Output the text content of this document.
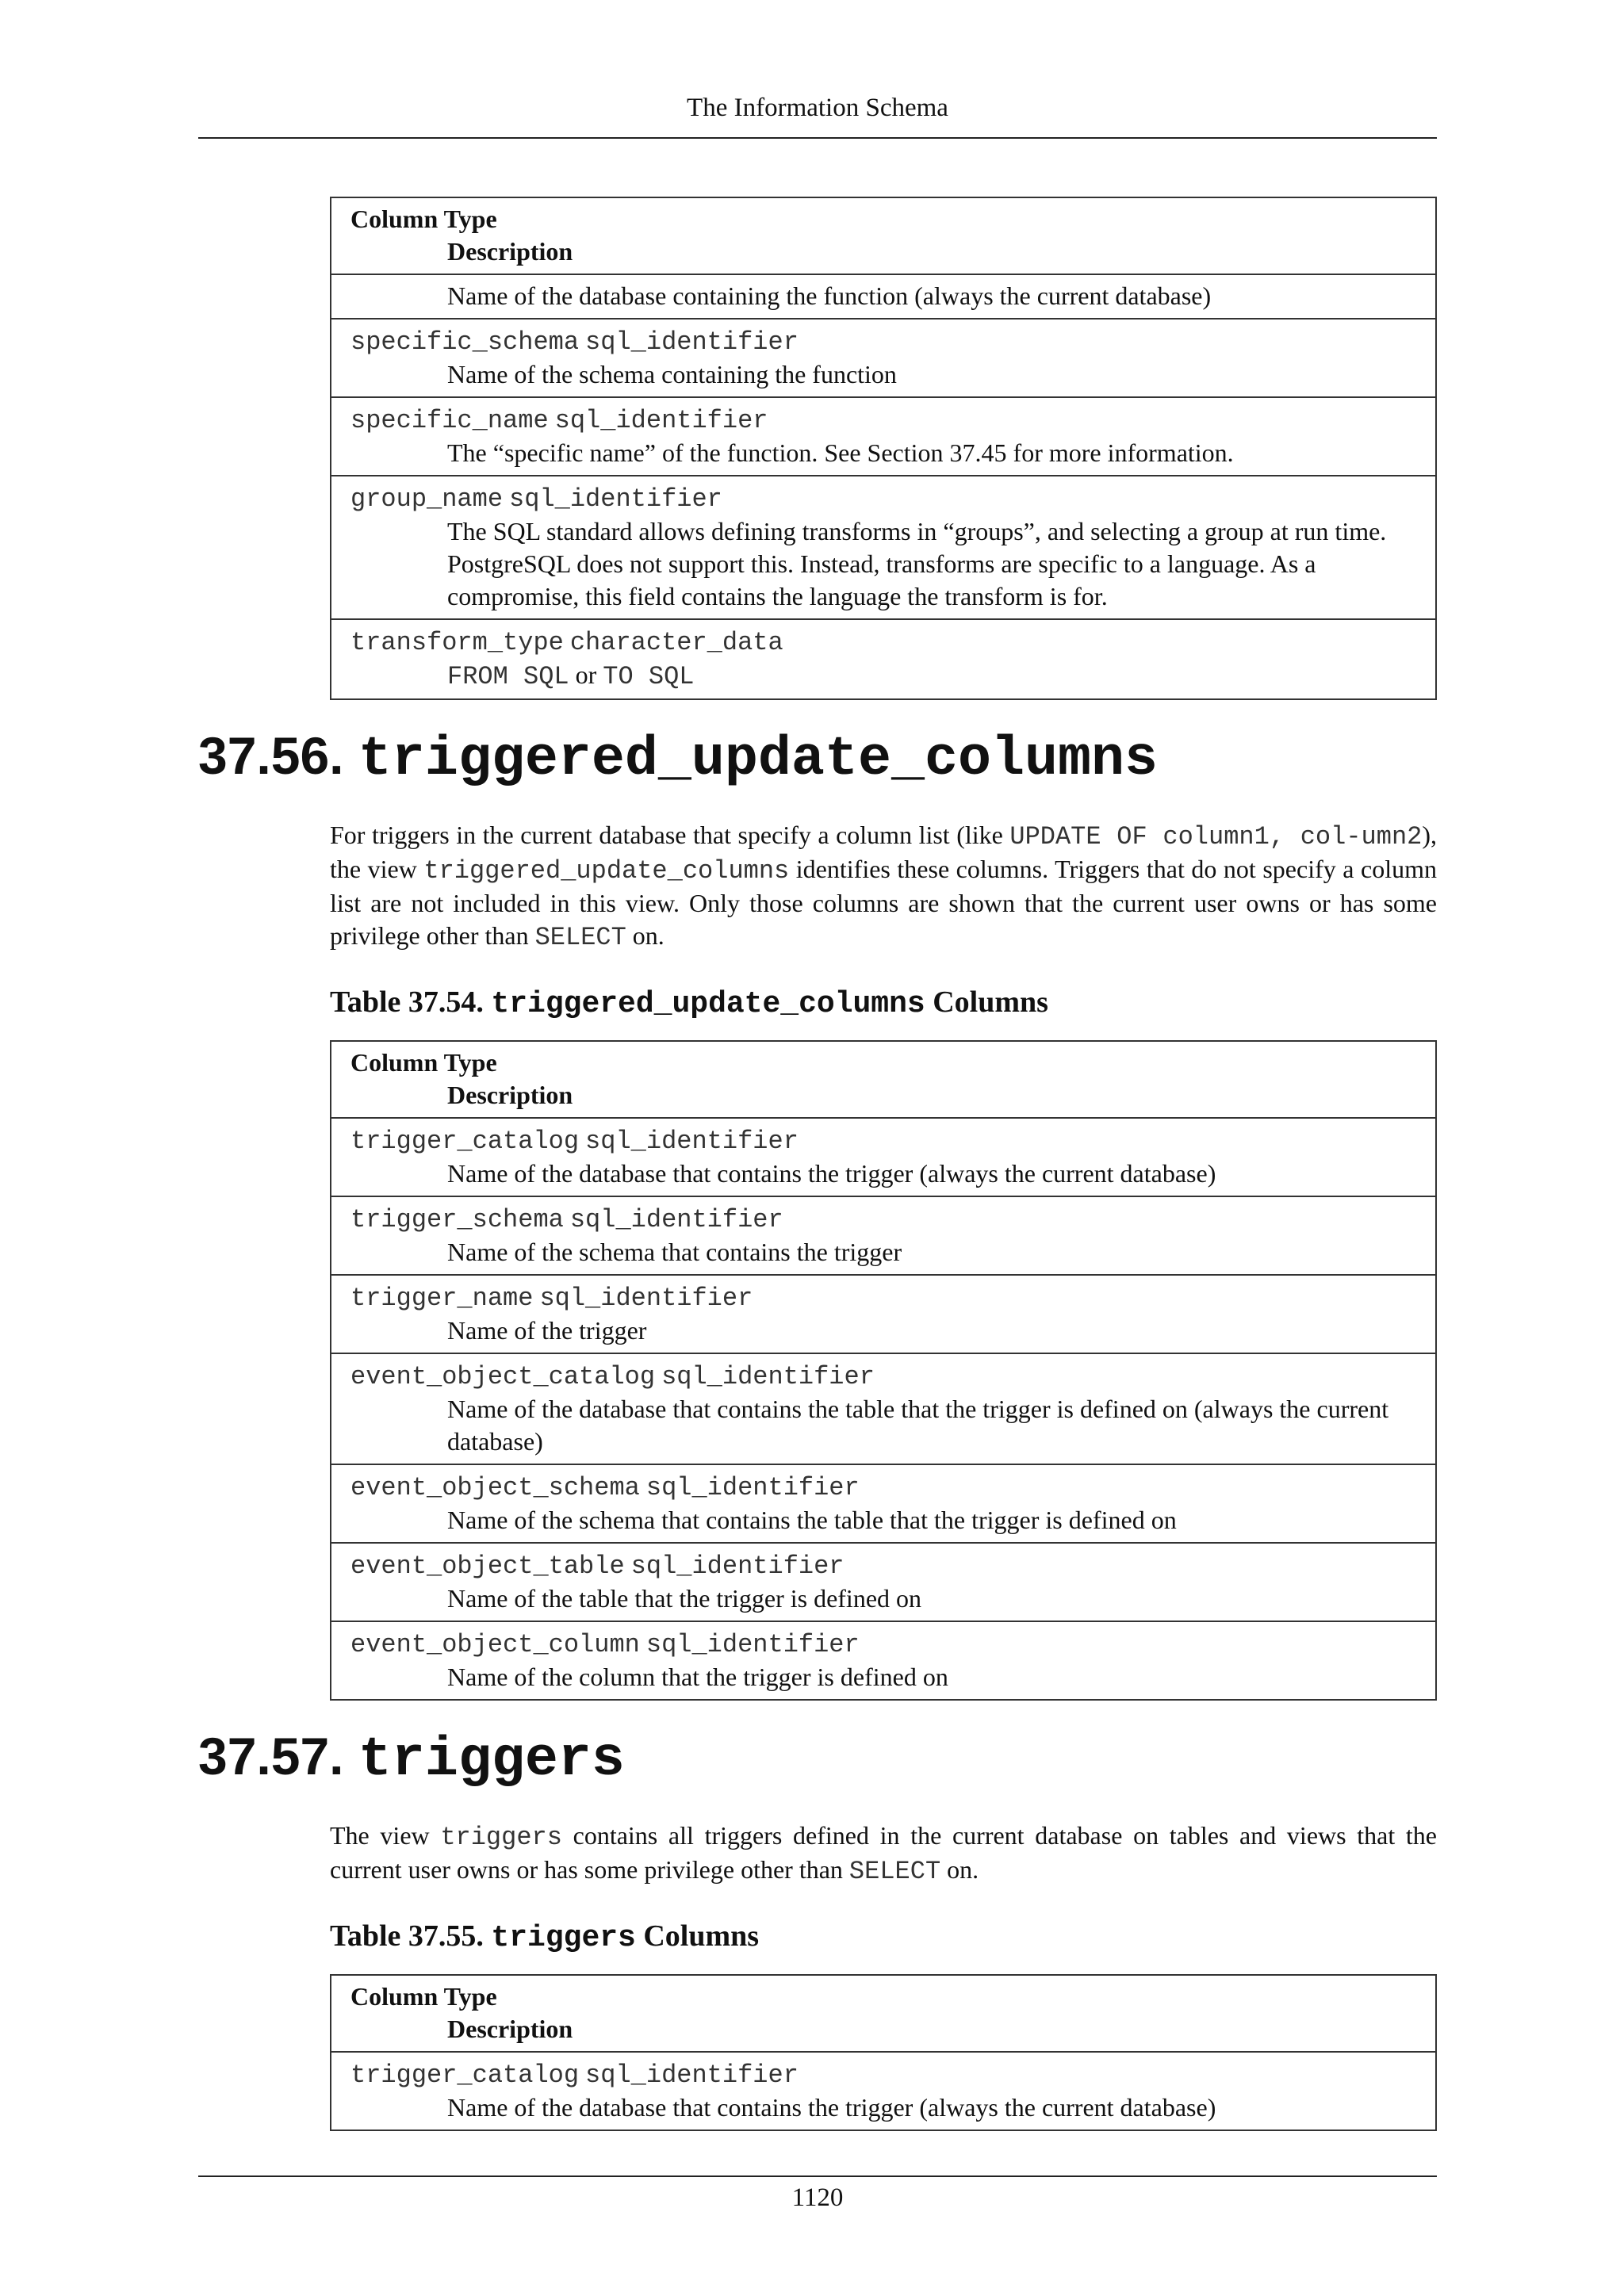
The Information Schema
Column Type
Description

Name of the database containing the function (always the current database)

specific_schema sql_identifier
Name of the schema containing the function

specific_name sql_identifier
The “specific name” of the function. See Section 37.45 for more information.

group_name sql_identifier
The SQL standard allows defining transforms in “groups”, and selecting a group at run time. PostgreSQL does not support this. Instead, transforms are specific to a language. As a compromise, this field contains the language the transform is for.

transform_type character_data
FROM SQL or TO SQL
37.56. triggered_update_columns

For triggers in the current database that specify a column list (like UPDATE OF column1, col‐umn2), the view triggered_update_columns identifies these columns. Triggers that do not specify a column list are not included in this view. Only those columns are shown that the current user owns or has some privilege other than SELECT on.

Table 37.54. triggered_update_columns Columns
Column Type
Description

trigger_catalog sql_identifier
Name of the database that contains the trigger (always the current database)

trigger_schema sql_identifier
Name of the schema that contains the trigger

trigger_name sql_identifier
Name of the trigger

event_object_catalog sql_identifier
Name of the database that contains the table that the trigger is defined on (always the current database)

event_object_schema sql_identifier
Name of the schema that contains the table that the trigger is defined on

event_object_table sql_identifier
Name of the table that the trigger is defined on

event_object_column sql_identifier
Name of the column that the trigger is defined on
37.57. triggers

The view triggers contains all triggers defined in the current database on tables and views that the current user owns or has some privilege other than SELECT on.

Table 37.55. triggers Columns
Column Type
Description

trigger_catalog sql_identifier
Name of the database that contains the trigger (always the current database)
1120
